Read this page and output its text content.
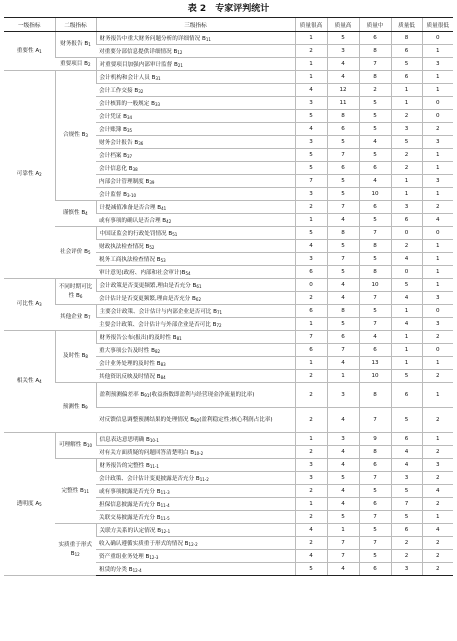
表 2　专家评判统计
一级指标	二级指标	三级指标	质量很高	质量高	质量中	质量低	质量很低
重要性 $A_1$	财务报告 $B_1$	财务报告中重大财务问题分析的详细情况 $B_{11}$	1	5	6	8	0
		对重要分部信息提供详细情况 $B_{12}$	2	3	8	6	1
	重要项目 $B_2$	对重要项目加强内部审计监督 $B_{21}$	1	4	7	5	3
可靠性 $A_2$	合规性 $B_3$	会计机构和会计人员 $B_{31}$	1	4	8	6	1
		会计工作交接 $B_{32}$	4	12	2	1	1
		会计核算的一般规定 $B_{33}$	3	11	5	1	0
		会计凭证 $B_{34}$	5	8	5	2	0
		会计账簿 $B_{35}$	4	6	5	3	2
		财务会计报告 $B_{36}$	3	5	4	5	3
		会计档案 $B_{37}$	5	7	5	2	1
		会计信息化 $B_{38}$	5	6	6	2	1
		内部会计管理制度 $B_{39}$	7	5	4	1	3
		会计监督 $B_{3-10}$	3	5	10	1	1
	谨慎性 $B_4$	计提减值准备是否合理 $B_{41}$	2	7	6	3	2
		或有事项的确认是否合理 $B_{42}$	1	4	5	6	4
	社会评价 $B_5$	中国证监会的行政处罚情况 $B_{51}$	5	8	7	0	0
		财政执法检查情况 $B_{52}$	4	5	8	2	1
		税务工商执法检查情况 $B_{53}$	3	7	5	4	1
		审计意见(政府、内部和社会审计)$B_{54}$	6	5	8	0	1
可比性 $A_3$	不同时期可比性 $B_6$	会计政策是否变更频繁,理由是否充分 $B_{61}$	0	4	10	5	1
		会计估计是否变更频繁,理由是否充分 $B_{62}$	2	4	7	4	3
	其他企业 $B_7$	主要会计政策、会计估计与内部企业是否可比 $B_{71}$	6	8	5	1	0
		主要会计政策、会计估计与外部企业是否可比 $B_{72}$	1	5	7	4	3
相关性 $A_4$	及时性 $B_8$	财务报告公布(报出)的及时性 $B_{81}$	7	6	4	1	2
		重大事项公告及时性 $B_{82}$	6	7	6	1	0
		会计业务处理的及时性 $B_{83}$	1	4	13	1	1
		其他资讯反映及时情况 $B_{84}$	2	1	10	5	2
	预测性 $B_9$	盈利预测偏差率 $B_{91}$(收益指数即盈利与经营现金净流量的比率)	2	3	8	6	1
		对反馈信息调整预测结果的处理情况 $B_{92}$(盈利稳定性;核心利润占比率)	2	4	7	5	2
透明度 $A_5$	可理解性 $B_{10}$	信息表达意思明确 $B_{10-1}$	1	3	9	6	1
		对有关方面质疑的问题回答清楚明白 $B_{10-2}$	2	4	8	4	2
	完整性 $B_{11}$	财务报告的完整性 $B_{11-1}$	3	4	6	4	3
		会计政策、会计估计变更披露是否充分 $B_{11-2}$	3	5	7	3	2
		或有事项披露是否充分 $B_{11-3}$	2	4	5	5	4
		担保信息披露是否充分 $B_{11-4}$	1	4	6	7	2
		关联交易披露是否充分 $B_{11-5}$	2	5	7	5	1
	实质重于形式 $B_{12}$	关联方关系的认定情况 $B_{12-1}$	4	1	5	6	4
		收入确认遵循实质重于形式的情况 $B_{12-2}$	2	7	7	2	2
		资产重组业务处理 $B_{12-3}$	4	7	5	2	2
		租赁的分类 $B_{12-4}$	5	4	6	3	2
